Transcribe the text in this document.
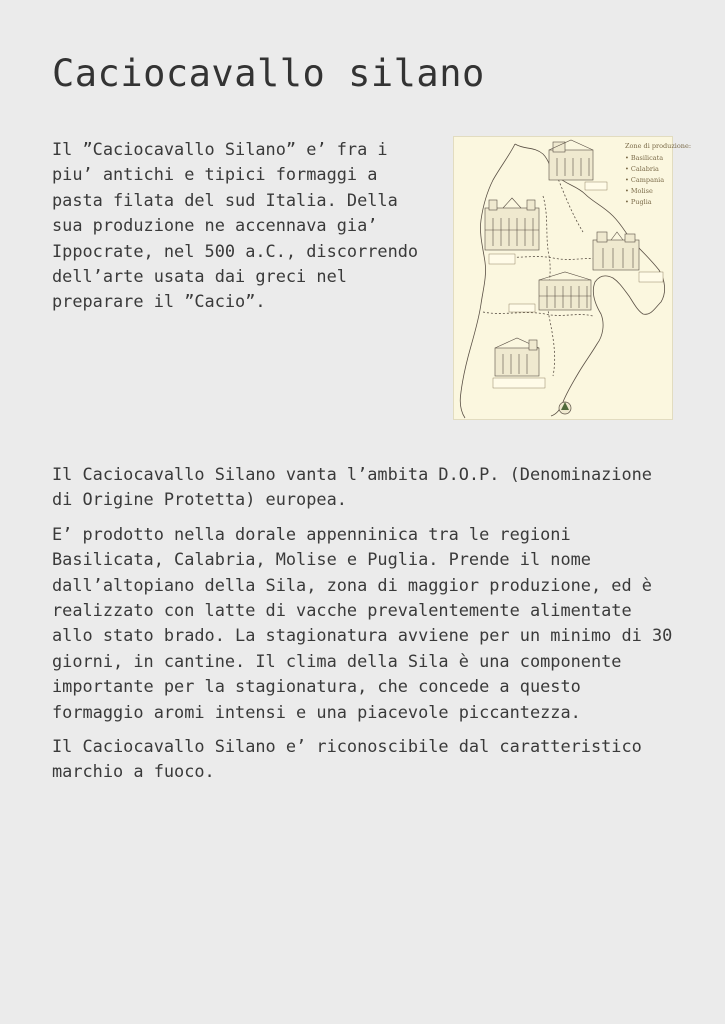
Caciocavallo silano

Il ”Caciocavallo Silano” e’ fra i piu’ antichi e tipici formaggi a pasta filata del sud Italia. Della sua produzione ne accennava gia’ Ippocrate, nel 500 a.C., discorrendo dell’arte usata dai greci nel preparare il ”Cacio”.

Zone di produzione:
• Basilicata
• Calabria
• Campania
• Molise
• Puglia

Il Caciocavallo Silano vanta l’ambita D.O.P. (Denominazione di Origine Protetta) europea.

E’ prodotto nella dorale appenninica tra le regioni Basilicata, Calabria, Molise e Puglia. Prende il nome dall’altopiano della Sila, zona di maggior produzione, ed è realizzato con latte di vacche prevalentemente alimentate allo stato brado. La stagionatura avviene per un minimo di 30 giorni, in cantine. Il clima della Sila è una componente importante per la stagionatura, che concede a questo formaggio aromi intensi e una piacevole piccantezza.

Il Caciocavallo Silano e’ riconoscibile dal caratteristico marchio a fuoco.
